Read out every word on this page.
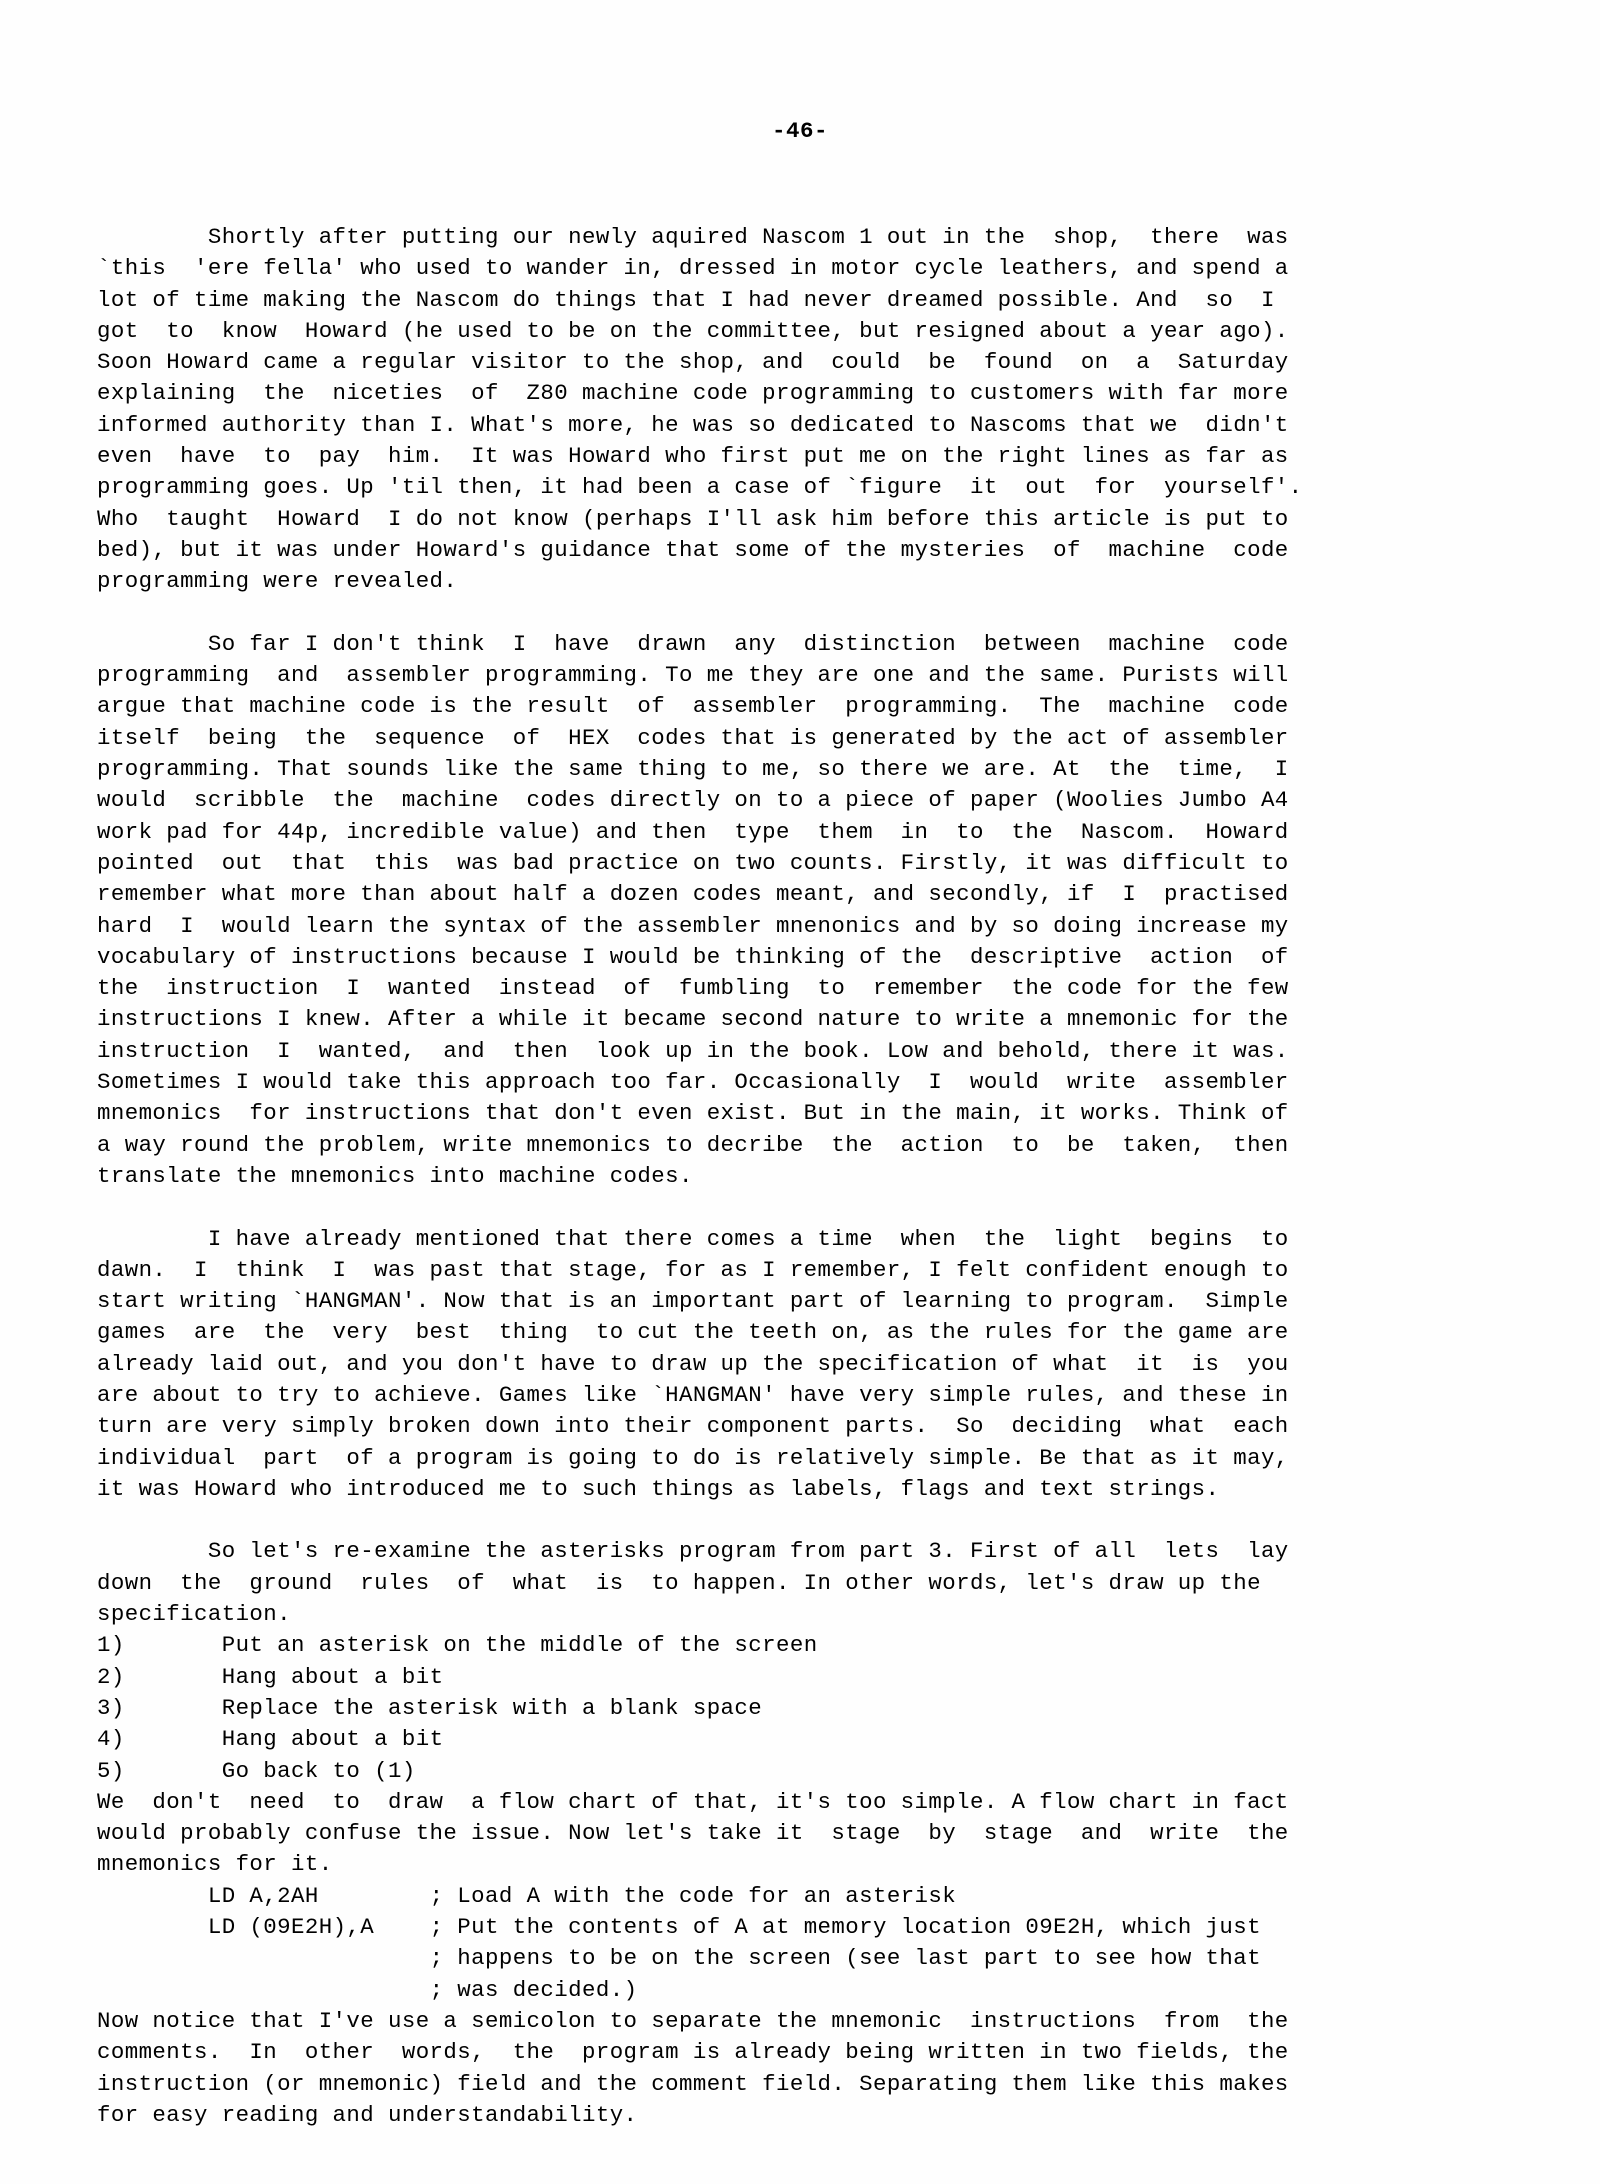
-46-
Shortly after putting our newly aquired Nascom 1 out in the  shop,  there  was
`this  'ere fella' who used to wander in, dressed in motor cycle leathers, and spend a
lot of time making the Nascom do things that I had never dreamed possible. And  so  I
got  to  know  Howard (he used to be on the committee, but resigned about a year ago).
Soon Howard came a regular visitor to the shop, and  could  be  found  on  a  Saturday
explaining  the  niceties  of  Z80 machine code programming to customers with far more
informed authority than I. What's more, he was so dedicated to Nascoms that we  didn't
even  have  to  pay  him.  It was Howard who first put me on the right lines as far as
programming goes. Up 'til then, it had been a case of `figure  it  out  for  yourself'.
Who  taught  Howard  I do not know (perhaps I'll ask him before this article is put to
bed), but it was under Howard's guidance that some of the mysteries  of  machine  code
programming were revealed.
So far I don't think  I  have  drawn  any  distinction  between  machine  code
programming  and  assembler programming. To me they are one and the same. Purists will
argue that machine code is the result  of  assembler  programming.  The  machine  code
itself  being  the  sequence  of  HEX  codes that is generated by the act of assembler
programming. That sounds like the same thing to me, so there we are. At  the  time,  I
would  scribble  the  machine  codes directly on to a piece of paper (Woolies Jumbo A4
work pad for 44p, incredible value) and then  type  them  in  to  the  Nascom.  Howard
pointed  out  that  this  was bad practice on two counts. Firstly, it was difficult to
remember what more than about half a dozen codes meant, and secondly, if  I  practised
hard  I  would learn the syntax of the assembler mnenonics and by so doing increase my
vocabulary of instructions because I would be thinking of the  descriptive  action  of
the  instruction  I  wanted  instead  of  fumbling  to  remember  the code for the few
instructions I knew. After a while it became second nature to write a mnemonic for the
instruction  I  wanted,  and  then  look up in the book. Low and behold, there it was.
Sometimes I would take this approach too far. Occasionally  I  would  write  assembler
mnemonics  for instructions that don't even exist. But in the main, it works. Think of
a way round the problem, write mnemonics to decribe  the  action  to  be  taken,  then
translate the mnemonics into machine codes.
I have already mentioned that there comes a time  when  the  light  begins  to
dawn.  I  think  I  was past that stage, for as I remember, I felt confident enough to
start writing `HANGMAN'. Now that is an important part of learning to program.  Simple
games  are  the  very  best  thing  to cut the teeth on, as the rules for the game are
already laid out, and you don't have to draw up the specification of what  it  is  you
are about to try to achieve. Games like `HANGMAN' have very simple rules, and these in
turn are very simply broken down into their component parts.  So  deciding  what  each
individual  part  of a program is going to do is relatively simple. Be that as it may,
it was Howard who introduced me to such things as labels, flags and text strings.
So let's re-examine the asterisks program from part 3. First of all  lets  lay
down  the  ground  rules  of  what  is  to happen. In other words, let's draw up the
specification.
1)	Put an asterisk on the middle of the screen
2)	Hang about a bit
3)	Replace the asterisk with a blank space
4)	Hang about a bit
5)	Go back to (1)
We  don't  need  to  draw  a flow chart of that, it's too simple. A flow chart in fact
would probably confuse the issue. Now let's take it  stage  by  stage  and  write  the
mnemonics for it.
LD A,2AH	; Load A with the code for an asterisk
LD (09E2H),A ; Put the contents of A at memory location 09E2H, which just
; happens to be on the screen (see last part to see how that
; was decided.)
Now notice that I've use a semicolon to separate the mnemonic  instructions  from  the
comments.  In  other  words,  the  program is already being written in two fields, the
instruction (or mnemonic) field and the comment field. Separating them like this makes
for easy reading and understandability.
